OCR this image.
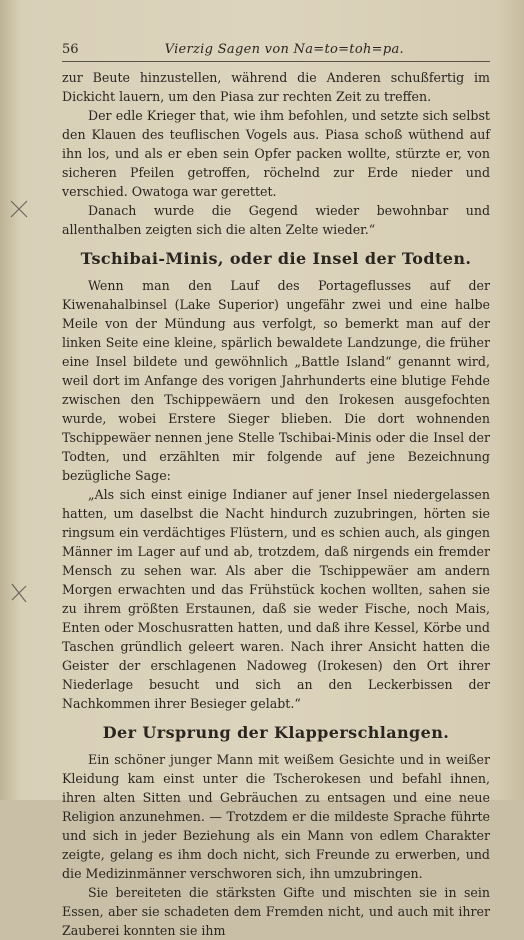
56	Vierzig Sagen von Na=to=toh=pa.

zur Beute hinzustellen, während die Anderen schußfertig im Dickicht lauern, um den Piasa zur rechten Zeit zu treffen.

Der edle Krieger that, wie ihm befohlen, und setzte sich selbst den Klauen des teuflischen Vogels aus. Piasa schoß wüthend auf ihn los, und als er eben sein Opfer packen wollte, stürzte er, von sicheren Pfeilen getroffen, röchelnd zur Erde nieder und verschied. Owatoga war gerettet.

Danach wurde die Gegend wieder bewohnbar und allenthalben zeigten sich die alten Zelte wieder.“

Tschibai-Minis, oder die Insel der Todten.

Wenn man den Lauf des Portageflusses auf der Kiwenahalbinsel (Lake Superior) ungefähr zwei und eine halbe Meile von der Mündung aus verfolgt, so bemerkt man auf der linken Seite eine kleine, spärlich bewaldete Landzunge, die früher eine Insel bildete und gewöhnlich „Battle Island“ genannt wird, weil dort im Anfange des vorigen Jahrhunderts eine blutige Fehde zwischen den Tschippewäern und den Irokesen ausgefochten wurde, wobei Erstere Sieger blieben. Die dort wohnenden Tschippewäer nennen jene Stelle Tschibai-Minis oder die Insel der Todten, und erzählten mir folgende auf jene Bezeichnung bezügliche Sage:

„Als sich einst einige Indianer auf jener Insel niedergelassen hatten, um daselbst die Nacht hindurch zuzubringen, hörten sie ringsum ein verdächtiges Flüstern, und es schien auch, als gingen Männer im Lager auf und ab, trotzdem, daß nirgends ein fremder Mensch zu sehen war. Als aber die Tschippewäer am andern Morgen erwachten und das Frühstück kochen wollten, sahen sie zu ihrem größten Erstaunen, daß sie weder Fische, noch Mais, Enten oder Moschusratten hatten, und daß ihre Kessel, Körbe und Taschen gründlich geleert waren. Nach ihrer Ansicht hatten die Geister der erschlagenen Nadoweg (Irokesen) den Ort ihrer Niederlage besucht und sich an den Leckerbissen der Nachkommen ihrer Besieger gelabt.“

Der Ursprung der Klapperschlangen.

Ein schöner junger Mann mit weißem Gesichte und in weißer Kleidung kam einst unter die Tscherokesen und befahl ihnen, ihren alten Sitten und Gebräuchen zu entsagen und eine neue Religion anzunehmen. — Trotzdem er die mildeste Sprache führte und sich in jeder Beziehung als ein Mann von edlem Charakter zeigte, gelang es ihm doch nicht, sich Freunde zu erwerben, und die Medizinmänner verschworen sich, ihn umzubringen.

Sie bereiteten die stärksten Gifte und mischten sie in sein Essen, aber sie schadeten dem Fremden nicht, und auch mit ihrer Zauberei konnten sie ihm
